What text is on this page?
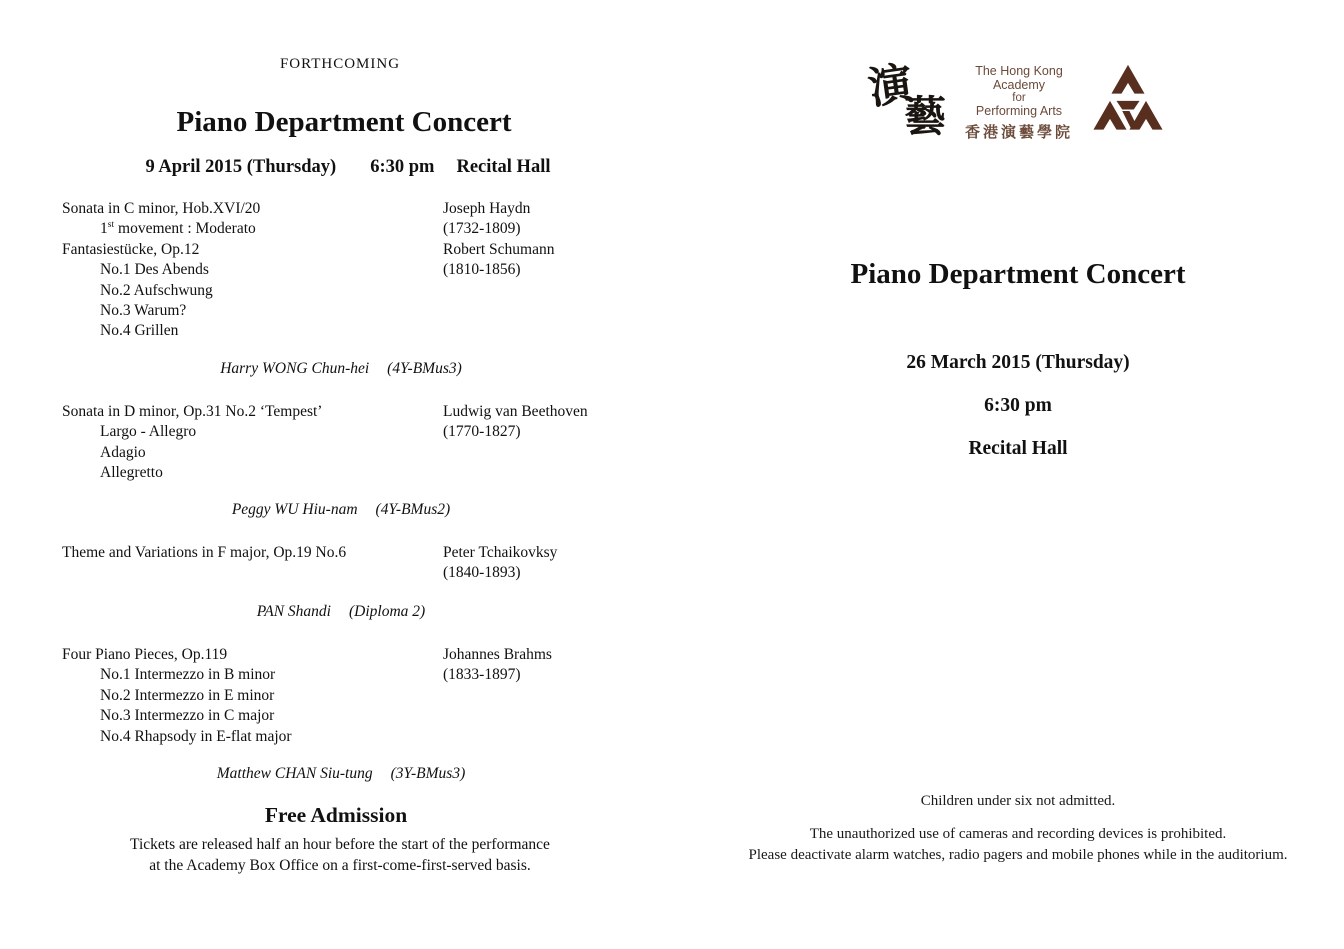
FORTHCOMING
Piano Department Concert
9 April 2015 (Thursday) 6:30 pm Recital Hall
Sonata in C minor, Hob.XVI/20	Joseph Haydn
1st movement : Moderato	(1732-1809)
Fantasiestücke, Op.12	Robert Schumann
No.1 Des Abends	(1810-1856)
No.2 Aufschwung
No.3 Warum?
No.4 Grillen
Harry WONG Chun-hei (4Y-BMus3)
Sonata in D minor, Op.31 No.2 ‘Tempest’	Ludwig van Beethoven
Largo - Allegro	(1770-1827)
Adagio
Allegretto
Peggy WU Hiu-nam (4Y-BMus2)
Theme and Variations in F major, Op.19 No.6	Peter Tchaikovksy
(1840-1893)
PAN Shandi (Diploma 2)
Four Piano Pieces, Op.119	Johannes Brahms
No.1 Intermezzo in B minor	(1833-1897)
No.2 Intermezzo in E minor
No.3 Intermezzo in C major
No.4 Rhapsody in E-flat major
Matthew CHAN Siu-tung (3Y-BMus3)
Free Admission
Tickets are released half an hour before the start of the performance
at the Academy Box Office on a first-come-first-served basis.
演
藝
The Hong Kong Academy
for
Performing Arts
香港演藝學院
Piano Department Concert
26 March 2015 (Thursday)
6:30 pm
Recital Hall
Children under six not admitted.
The unauthorized use of cameras and recording devices is prohibited.
Please deactivate alarm watches, radio pagers and mobile phones while in the auditorium.
